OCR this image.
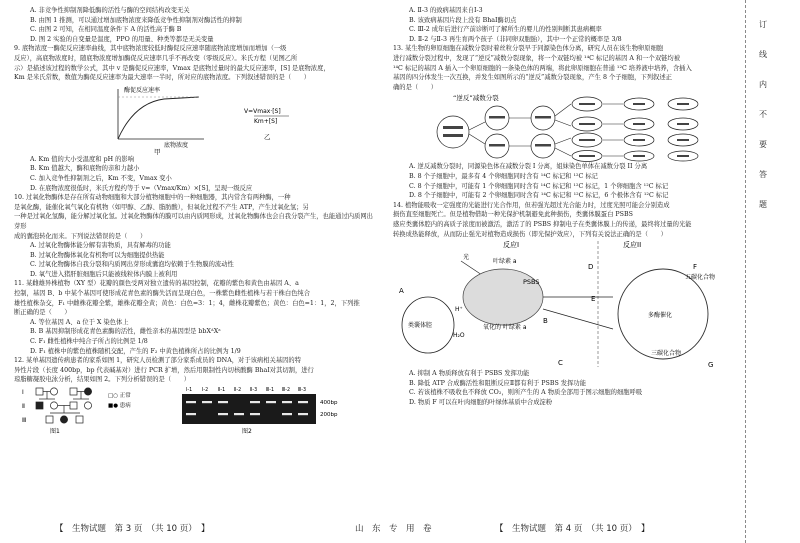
A. 非竞争性抑制剂降低酶的活性与酶的空间结构改变无关

B. 由图 1 推测，可以通过增加底物浓度来降低竞争性抑制剂对酶活性的抑制

C. 由图 2 可知，在相同温度条件下 A 的活性高于酶 B

D. 图 2 实验的自变量是温度，PPO 的用量、种类等都是无关变量

9. 底物浓度一酶促反应速率曲线，其中底物浓度较低时酶促反应速率随底物浓度增加而增加（一级

反应），高底物浓度时，随底物浓度增加酶促反应速率几乎不再改变（零级反应）。米氏方程（见图乙所

示）是描述该过程的数学公式，其中 v 是酶促反应速率，Vmax 是底物过量时的最大反应速率，[S] 是底物浓度，

Km 是米氏常数，数值为酶促反应速率为最大速率一半时，所对应的底物浓度。下列叙述错误的是（　　）

酶促反应速率
底物浓度
甲
V=Vmax·[S]
Km+[S]
乙

A. Km 值的大小受温度和 pH 的影响

B. Km 值越大，酶和底物的亲和力越小

C. 加入竞争性抑制剂之后，Km 不变，Vmax 变小

D. 在底物浓度很低时，米氏方程约等于 v=（Vmax/Km）×[S]，呈现一级反应

10. 过氧化物酶体是存在所有动物细胞和大部分植物细胞中的一种细胞器，其内常含有两种酶，一种

是氧化酶，能催化氧气氧化有机物（如甲醇、乙醇、脂肪酸），但氧化过程不产生 ATP，产生过氧化氢；另

一种是过氧化氢酶，能分解过氧化氢。过氧化物酶体的膜可以由内质网形成，过氧化物酶体也会自我分裂产生，也能通过内质网出芽形

成的囊泡转化而来。下列说法错误的是（　　）

A. 过氧化物酶体能分解有害物质，具有解毒的功能

B. 过氧化物酶体氧化有机物可以为细胞提供热能

C. 过氧化物酶体自我分裂和内质网出芽形成囊泡均依赖于生物膜的流动性

D. 氧气进入猪肝脏细胞后只能被线粒体内膜上被利用

11. 某雌雄异株植物（XY 型）花瓣的颜色受两对独立遗传的基因控制，花瓣的紫色和黄色由基因 A、a

控制，基因 B、b 中某个基因可使形成花青色素的酶失活而呈现白色，一株紫色雌性植株与若干株白色纯合

雄性植株杂交，F₁ 中雌株花瓣全紫，雄株花瓣全黄；黄色：白色=3：1；4，雌株花瓣紫色；黄色：白色=1：1，2，下列推

断正确的是（　　）

A. 等位基因 A、a 位于 X 染色体上

B. B 基因抑制形成花青色素酶的活性，雌性亲本的基因型是 bbXᴬXᵃ

C. F₁ 雌性植株中纯合子所占的比例是 1/8

D. F₁ 植株中的紫色植株随机交配，产生的 F₂ 中黄色植株所占的比例为 1/9

12. 某单基因遗传病患者的家系如图 1，研究人员检测了部分家系成员的 DNA，对于该病相关基因的特

异性片段（长度 400bp，bp 代表碱基对）进行 PCR 扩增，然后用限制性内切核酸酶 BhaⅠ对其切割，进行

琼脂糖凝胶电泳分析，结果如图 2。下列分析错误的是（　　）

Ⅰ
Ⅱ
Ⅲ
□○ 正常
■● 患病
图1
Ⅰ-1 Ⅰ-2 Ⅱ-1 Ⅱ-2 Ⅱ-3 Ⅲ-1 Ⅲ-2 Ⅲ-3
400bp
200bp
图2

A. Ⅱ-3 的致病基因来自Ⅰ-3

B. 该致病基因片段上没有 BhaⅠ酶切点

C. Ⅲ-2 成年后进行产前诊断可了解所生的婴儿的性别判断其患病概率

D. Ⅱ-2 与Ⅱ-3 再生育两个孩子（非同卵双胞胎），其中一个正常的概率是 3/8

13. 某生物的卵原细胞在减数分裂时着丝粒分裂早于同源染色体分离，研究人员在该生物卵原细胞

进行减数分裂过程中，发现了“逆反”减数分裂现象，将一个双链均被 ¹⁴C 标记的基因 A 和一个双链均被

¹⁴C 标记的基因 A 插入一个卵原细胞的一条染色体的两端，将此卵原细胞在普通 ¹²C 培养液中培养，含插入

基因的四分体发生一次互换，并发生如图所示的“逆反”减数分裂现象，产生 8 个子细胞，下列叙述正

确的是（　　）

“逆反”减数分裂

A. 逆反减数分裂时，同源染色体在减数分裂 I 分离，姐妹染色单体在减数分裂 II 分离

B. 8 个子细胞中，最多有 4 个卵细胞同时含有 ¹⁴C 标记和 ¹²C 标记

C. 8 个子细胞中，可能有 1 个卵细胞同时含有 ¹⁴C 标记和 ¹²C 标记，1 个卵细胞含 ¹²C 标记

D. 8 个子细胞中，可能有 2 个卵细胞同时含有 ¹⁴C 标记和 ¹²C 标记，6 个极体含有 ¹²C 标记

14. 植物能吸收一定强度的光能进行光合作用，但若强光超过光合能力时，过度光照可能会分别造成

损伤直至细胞死亡。但是植物借助一种光保护机制避免此种损伤，类囊体膜蛋白 PSBS

感应类囊体腔内的高质子浓度而被激活，激活了的 PSBS 抑制电子在类囊体膜上的传递，最终将过量的光能

转换成热能释放，从而防止强光对植物造成损伤（即光保护效应），下列有关说法正确的是（　　）

反应I	反应II
光
叶绿素 a
PSBS
类囊体腔	氧化的 叶绿素 a
H⁺
H₂O
A
B
C
D
E
F
G
五碳化合物
多酶催化
三碳化合物

A. 抑制 A 物质释放有利于 PSBS 发挥功能

B. 降低 ATP 合成酶活性和阻断反应Ⅱ都有利于 PSBS 发挥功能

C. 若该植株不吸收也不释放 CO₂，则所产生的 A 物质全部用于图示细胞的细胞呼吸

D. 物质 F 可以在叶肉细胞的叶绿体基质中合成淀粉

【　生物试题　第 3 页　（共 10 页）　】	山　东　专　用　卷	【　生物试题　第 4 页　（共 10 页）　】
订
线
内
不
要
答
题
